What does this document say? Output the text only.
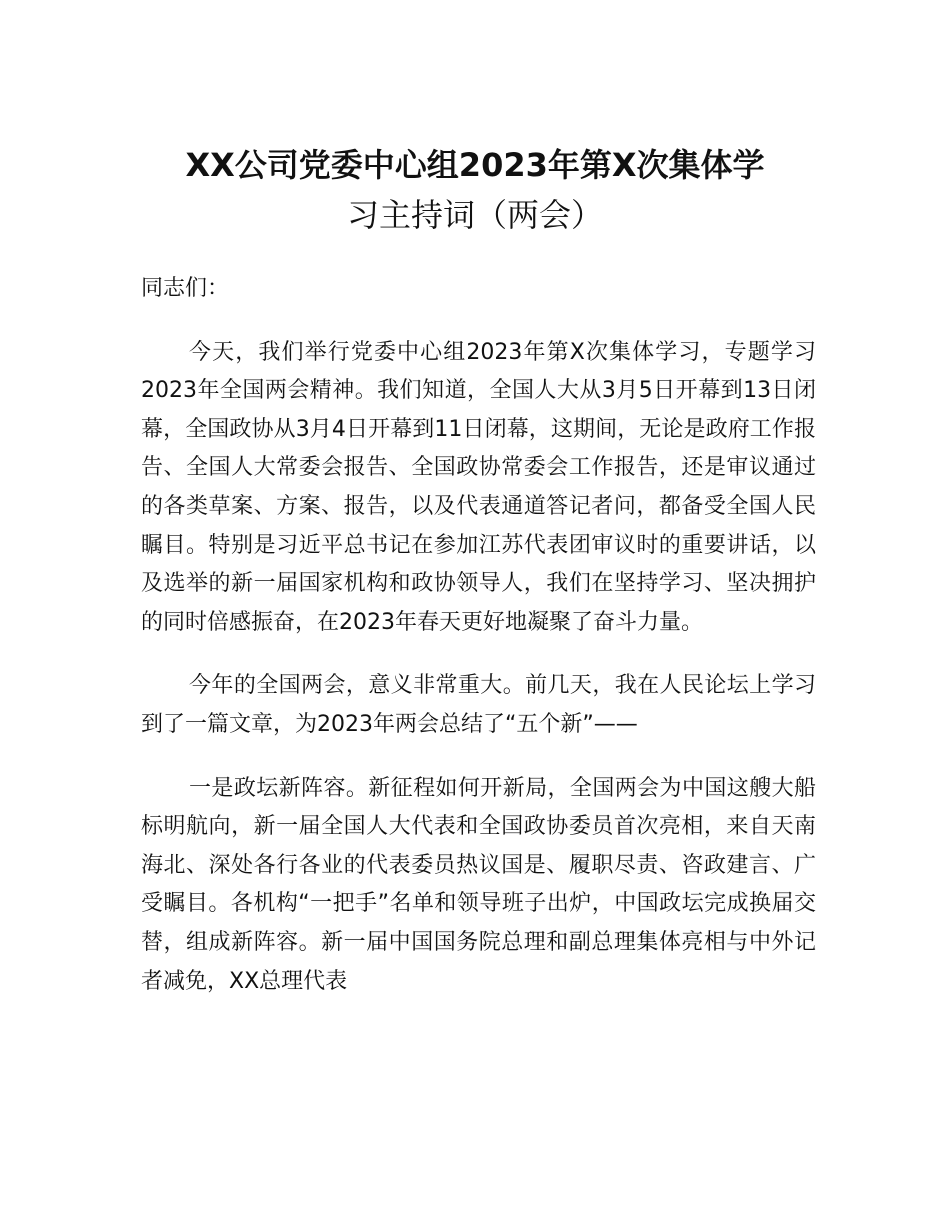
XX公司党委中心组2023年第X次集体学
习主持词（两会）

同志们：

今天，我们举行党委中心组2023年第X次集体学习，专题学习2023年全国两会精神。我们知道，全国人大从3月5日开幕到13日闭幕，全国政协从3月4日开幕到11日闭幕，这期间，无论是政府工作报告、全国人大常委会报告、全国政协常委会工作报告，还是审议通过的各类草案、方案、报告，以及代表通道答记者问，都备受全国人民瞩目。特别是习近平总书记在参加江苏代表团审议时的重要讲话，以及选举的新一届国家机构和政协领导人，我们在坚持学习、坚决拥护的同时倍感振奋，在2023年春天更好地凝聚了奋斗力量。

今年的全国两会，意义非常重大。前几天，我在人民论坛上学习到了一篇文章，为2023年两会总结了“五个新”——

一是政坛新阵容。新征程如何开新局，全国两会为中国这艘大船标明航向，新一届全国人大代表和全国政协委员首次亮相，来自天南海北、深处各行各业的代表委员热议国是、履职尽责、咨政建言、广受瞩目。各机构“一把手”名单和领导班子出炉，中国政坛完成换届交替，组成新阵容。新一届中国国务院总理和副总理集体亮相与中外记者减免，XX总理代表
